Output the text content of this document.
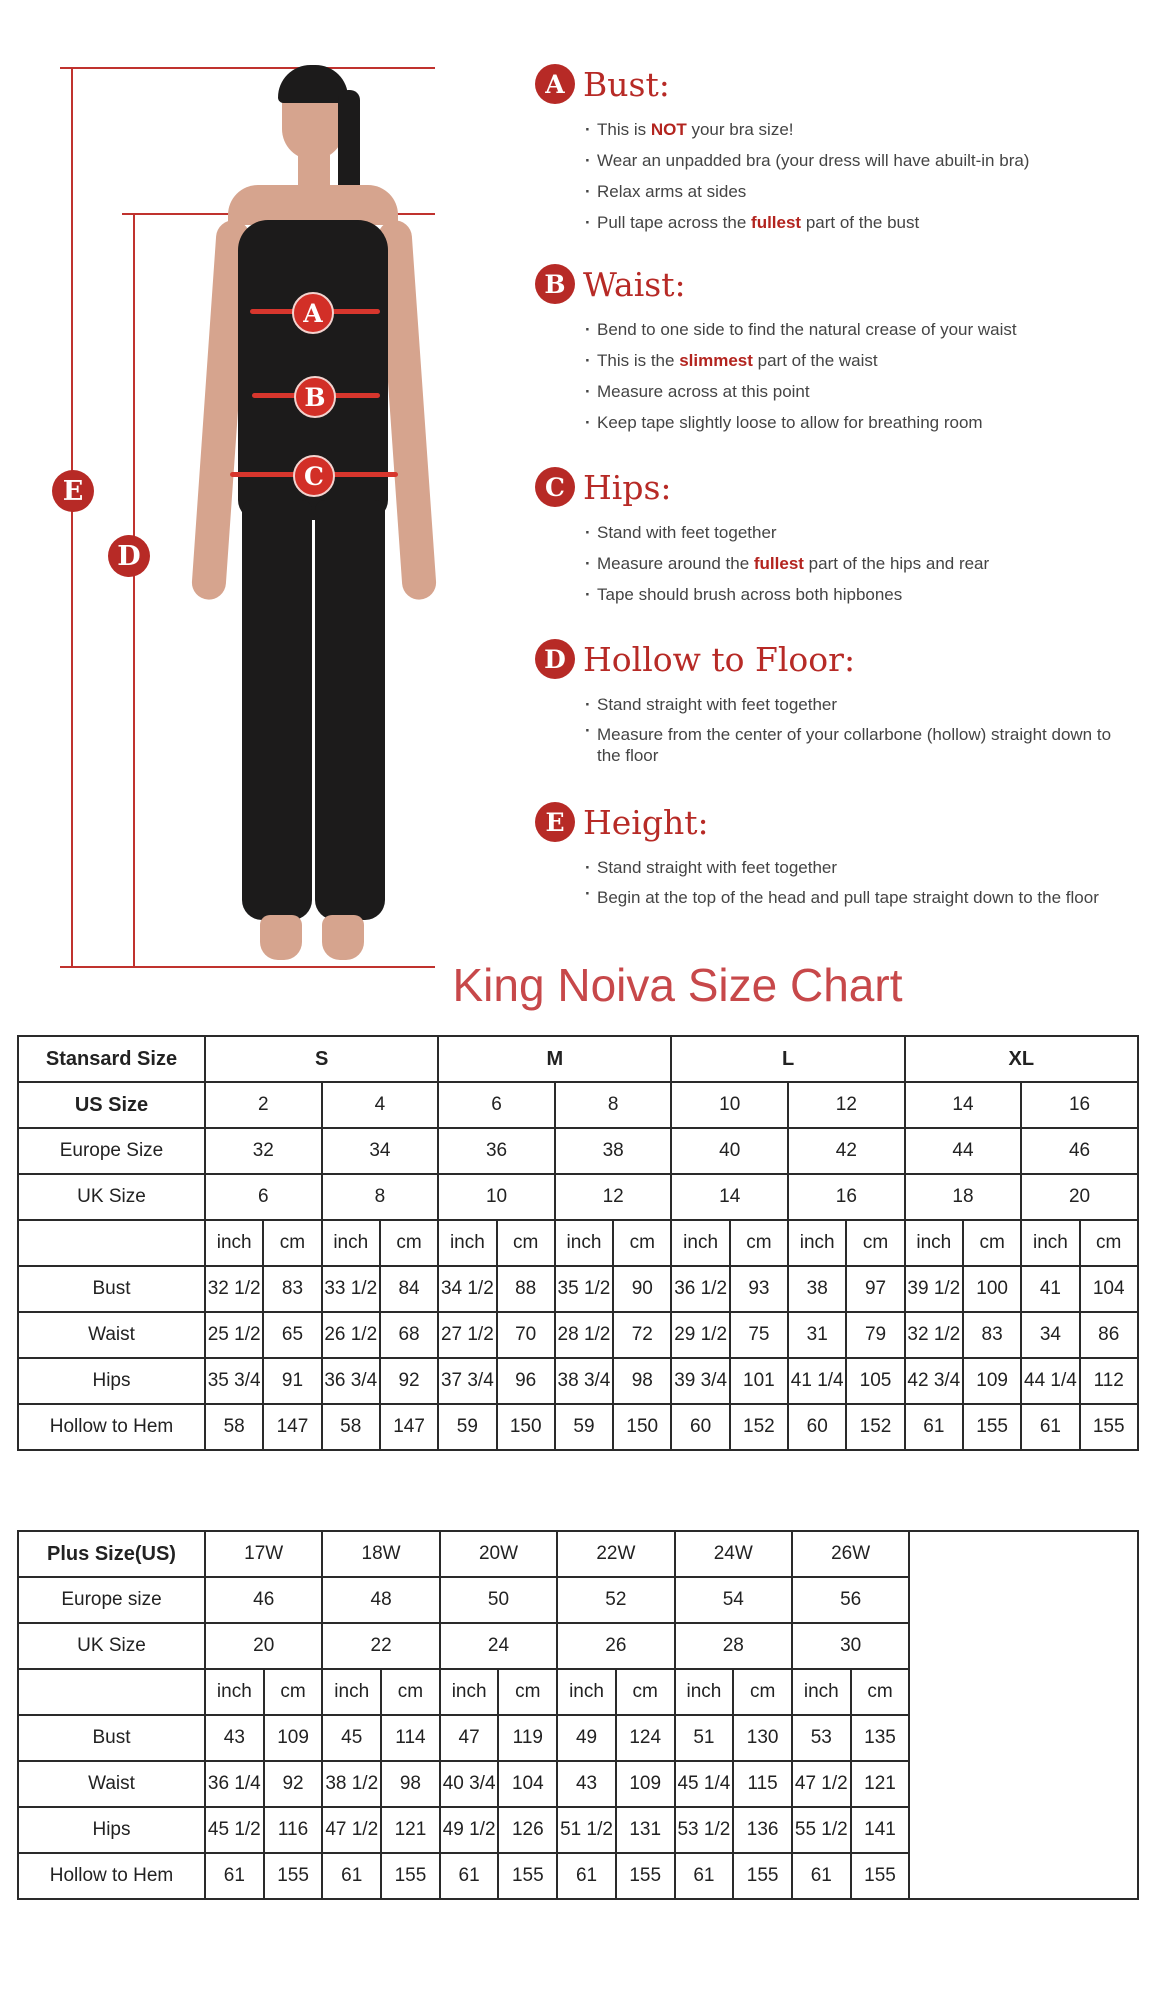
E
D
A
B
C
A Bust:
· This is NOT your bra size!
· Wear an unpadded bra (your dress will have abuilt-in bra)
· Relax arms at sides
· Pull tape across the fullest part of the bust
B Waist:
· Bend to one side to find the natural crease of your waist
· This is the slimmest part of the waist
· Measure across at this point
· Keep tape slightly loose to allow for breathing room
C Hips:
· Stand with feet together
· Measure around the fullest part of the hips and rear
· Tape should brush across both hipbones
D Hollow to Floor:
· Stand straight with feet together
· Measure from the center of your collarbone (hollow) straight down to the floor
E Height:
· Stand straight with feet together
· Begin at the top of the head and pull tape straight down to the floor
King Noiva Size Chart
Stansard Size	S				M				L				XL			
US Size	2		4		6		8		10		12		14		16	
Europe Size	32		34		36		38		40		42		44		46	
UK Size	6		8		10		12		14		16		18		20	
	inch	cm	inch	cm	inch	cm	inch	cm	inch	cm	inch	cm	inch	cm	inch	cm
Bust	32 1/2	83	33 1/2	84	34 1/2	88	35 1/2	90	36 1/2	93	38	97	39 1/2	100	41	104
Waist	25 1/2	65	26 1/2	68	27 1/2	70	28 1/2	72	29 1/2	75	31	79	32 1/2	83	34	86
Hips	35 3/4	91	36 3/4	92	37 3/4	96	38 3/4	98	39 3/4	101	41 1/4	105	42 3/4	109	44 1/4	112
Hollow to Hem	58	147	58	147	59	150	59	150	60	152	60	152	61	155	61	155
Plus Size(US)	17W		18W		20W		22W		24W		26W		
Europe size	46		48		50		52		54		56		
UK Size	20		22		24		26		28		30		
	inch	cm	inch	cm	inch	cm	inch	cm	inch	cm	inch	cm	
Bust	43	109	45	114	47	119	49	124	51	130	53	135	
Waist	36 1/4	92	38 1/2	98	40 3/4	104	43	109	45 1/4	115	47 1/2	121	
Hips	45 1/2	116	47 1/2	121	49 1/2	126	51 1/2	131	53 1/2	136	55 1/2	141	
Hollow to Hem	61	155	61	155	61	155	61	155	61	155	61	155	
